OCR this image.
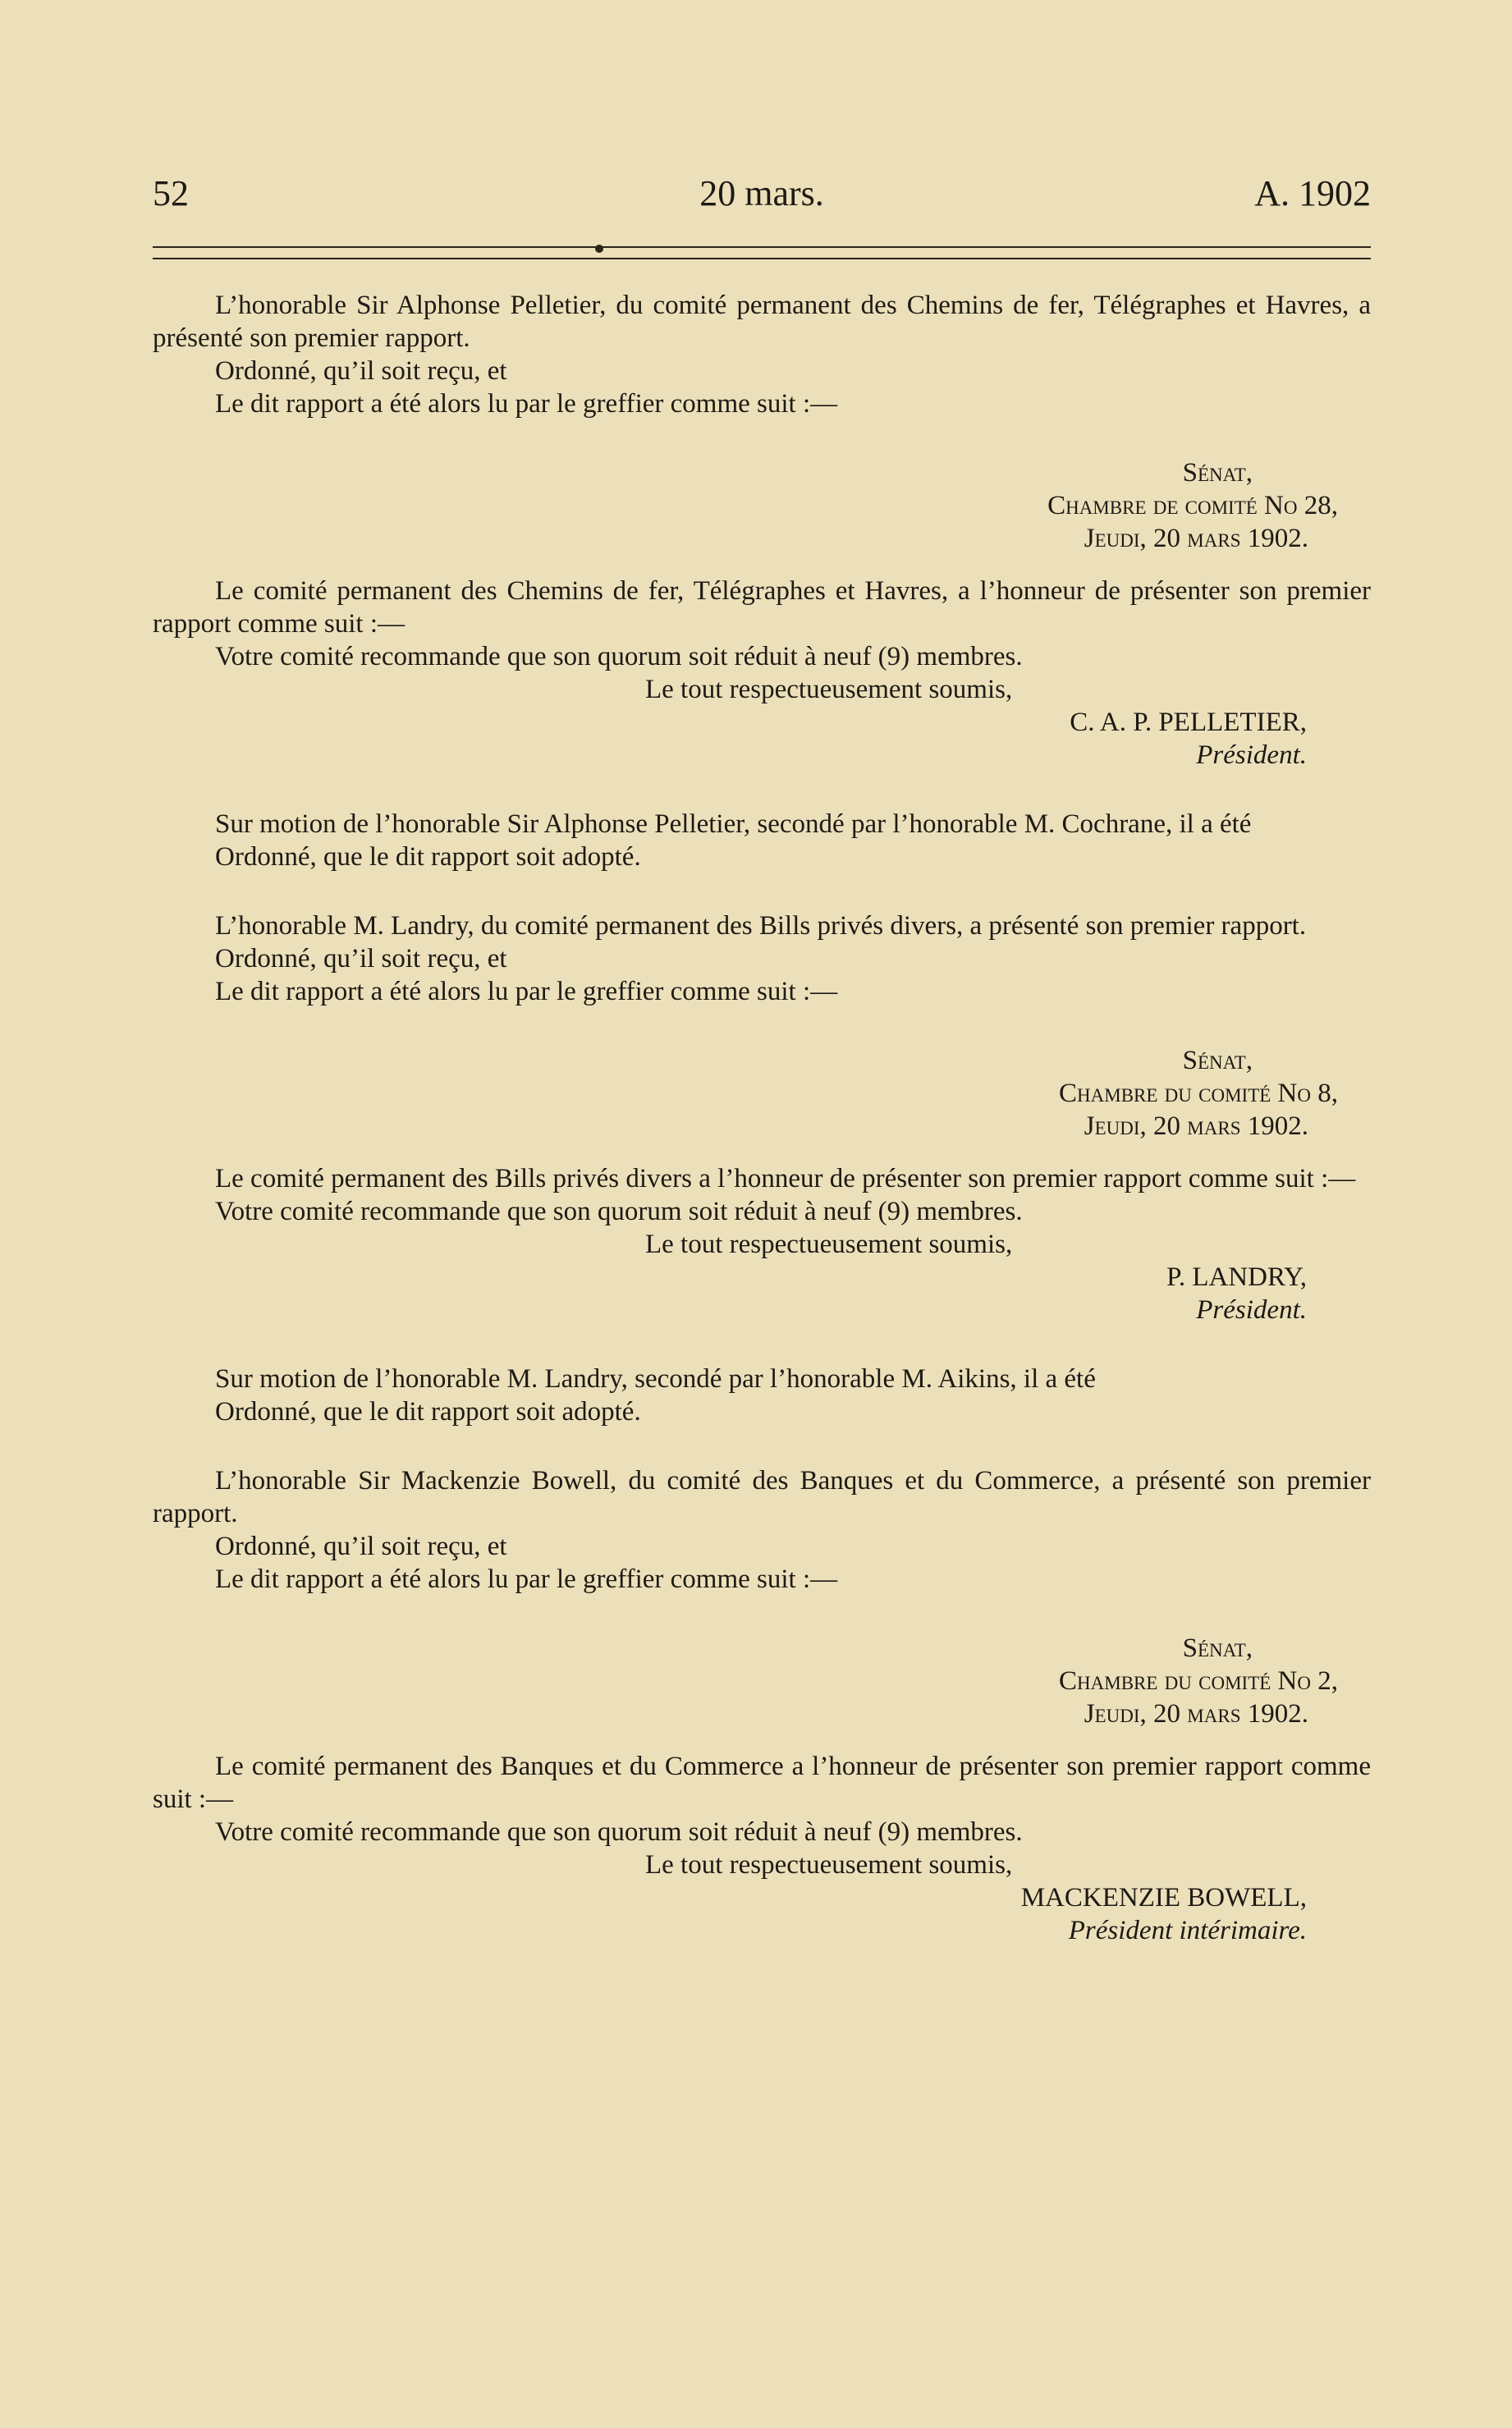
52	20 mars.	A. 1902

L’honorable Sir Alphonse Pelletier, du comité permanent des Chemins de fer, Télégraphes et Havres, a présenté son premier rapport.

Ordonné, qu’il soit reçu, et

Le dit rapport a été alors lu par le greffier comme suit :—

Sénat,

Chambre de comité No 28,

Jeudi, 20 mars 1902.

Le comité permanent des Chemins de fer, Télégraphes et Havres, a l’honneur de présenter son premier rapport comme suit :—

Votre comité recommande que son quorum soit réduit à neuf (9) membres.

Le tout respectueusement soumis,

C. A. P. PELLETIER,

Président.

Sur motion de l’honorable Sir Alphonse Pelletier, secondé par l’honorable M. Cochrane, il a été

Ordonné, que le dit rapport soit adopté.

L’honorable M. Landry, du comité permanent des Bills privés divers, a présenté son premier rapport.

Ordonné, qu’il soit reçu, et

Le dit rapport a été alors lu par le greffier comme suit :—

Sénat,

Chambre du comité No 8,

Jeudi, 20 mars 1902.

Le comité permanent des Bills privés divers a l’honneur de présenter son premier rapport comme suit :—

Votre comité recommande que son quorum soit réduit à neuf (9) membres.

Le tout respectueusement soumis,

P. LANDRY,

Président.

Sur motion de l’honorable M. Landry, secondé par l’honorable M. Aikins, il a été

Ordonné, que le dit rapport soit adopté.

L’honorable Sir Mackenzie Bowell, du comité des Banques et du Commerce, a présenté son premier rapport.

Ordonné, qu’il soit reçu, et

Le dit rapport a été alors lu par le greffier comme suit :—

Sénat,

Chambre du comité No 2,

Jeudi, 20 mars 1902.

Le comité permanent des Banques et du Commerce a l’honneur de présenter son premier rapport comme suit :—

Votre comité recommande que son quorum soit réduit à neuf (9) membres.

Le tout respectueusement soumis,

MACKENZIE BOWELL,

Président intérimaire.
